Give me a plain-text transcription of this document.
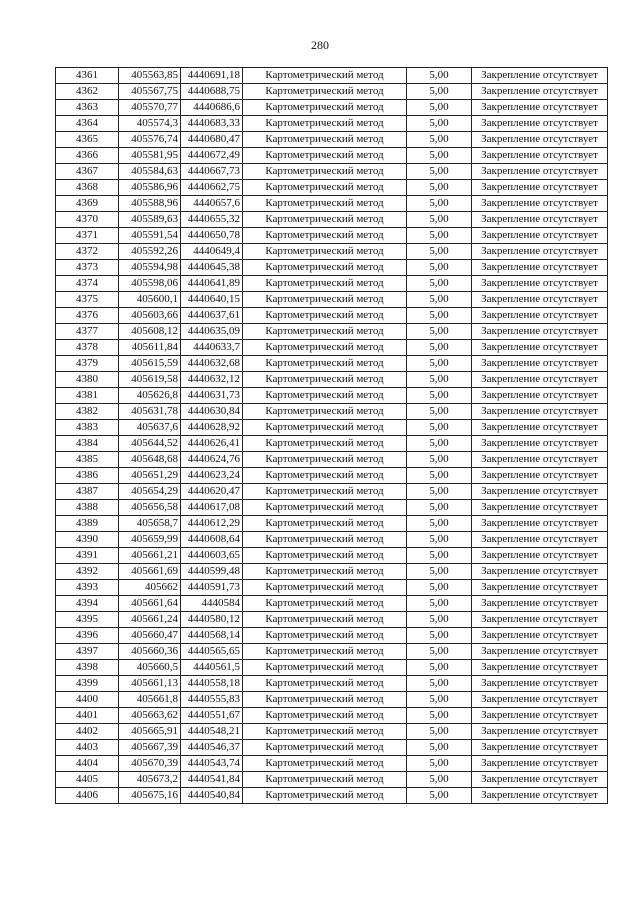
280
4361	405563,85	4440691,18	Картометрический метод	5,00	Закрепление отсутствует
4362	405567,75	4440688,75	Картометрический метод	5,00	Закрепление отсутствует
4363	405570,77	4440686,6	Картометрический метод	5,00	Закрепление отсутствует
4364	405574,3	4440683,33	Картометрический метод	5,00	Закрепление отсутствует
4365	405576,74	4440680,47	Картометрический метод	5,00	Закрепление отсутствует
4366	405581,95	4440672,49	Картометрический метод	5,00	Закрепление отсутствует
4367	405584,63	4440667,73	Картометрический метод	5,00	Закрепление отсутствует
4368	405586,96	4440662,75	Картометрический метод	5,00	Закрепление отсутствует
4369	405588,96	4440657,6	Картометрический метод	5,00	Закрепление отсутствует
4370	405589,63	4440655,32	Картометрический метод	5,00	Закрепление отсутствует
4371	405591,54	4440650,78	Картометрический метод	5,00	Закрепление отсутствует
4372	405592,26	4440649,4	Картометрический метод	5,00	Закрепление отсутствует
4373	405594,98	4440645,38	Картометрический метод	5,00	Закрепление отсутствует
4374	405598,06	4440641,89	Картометрический метод	5,00	Закрепление отсутствует
4375	405600,1	4440640,15	Картометрический метод	5,00	Закрепление отсутствует
4376	405603,66	4440637,61	Картометрический метод	5,00	Закрепление отсутствует
4377	405608,12	4440635,09	Картометрический метод	5,00	Закрепление отсутствует
4378	405611,84	4440633,7	Картометрический метод	5,00	Закрепление отсутствует
4379	405615,59	4440632,68	Картометрический метод	5,00	Закрепление отсутствует
4380	405619,58	4440632,12	Картометрический метод	5,00	Закрепление отсутствует
4381	405626,8	4440631,73	Картометрический метод	5,00	Закрепление отсутствует
4382	405631,78	4440630,84	Картометрический метод	5,00	Закрепление отсутствует
4383	405637,6	4440628,92	Картометрический метод	5,00	Закрепление отсутствует
4384	405644,52	4440626,41	Картометрический метод	5,00	Закрепление отсутствует
4385	405648,68	4440624,76	Картометрический метод	5,00	Закрепление отсутствует
4386	405651,29	4440623,24	Картометрический метод	5,00	Закрепление отсутствует
4387	405654,29	4440620,47	Картометрический метод	5,00	Закрепление отсутствует
4388	405656,58	4440617,08	Картометрический метод	5,00	Закрепление отсутствует
4389	405658,7	4440612,29	Картометрический метод	5,00	Закрепление отсутствует
4390	405659,99	4440608,64	Картометрический метод	5,00	Закрепление отсутствует
4391	405661,21	4440603,65	Картометрический метод	5,00	Закрепление отсутствует
4392	405661,69	4440599,48	Картометрический метод	5,00	Закрепление отсутствует
4393	405662	4440591,73	Картометрический метод	5,00	Закрепление отсутствует
4394	405661,64	4440584	Картометрический метод	5,00	Закрепление отсутствует
4395	405661,24	4440580,12	Картометрический метод	5,00	Закрепление отсутствует
4396	405660,47	4440568,14	Картометрический метод	5,00	Закрепление отсутствует
4397	405660,36	4440565,65	Картометрический метод	5,00	Закрепление отсутствует
4398	405660,5	4440561,5	Картометрический метод	5,00	Закрепление отсутствует
4399	405661,13	4440558,18	Картометрический метод	5,00	Закрепление отсутствует
4400	405661,8	4440555,83	Картометрический метод	5,00	Закрепление отсутствует
4401	405663,62	4440551,67	Картометрический метод	5,00	Закрепление отсутствует
4402	405665,91	4440548,21	Картометрический метод	5,00	Закрепление отсутствует
4403	405667,39	4440546,37	Картометрический метод	5,00	Закрепление отсутствует
4404	405670,39	4440543,74	Картометрический метод	5,00	Закрепление отсутствует
4405	405673,2	4440541,84	Картометрический метод	5,00	Закрепление отсутствует
4406	405675,16	4440540,84	Картометрический метод	5,00	Закрепление отсутствует
